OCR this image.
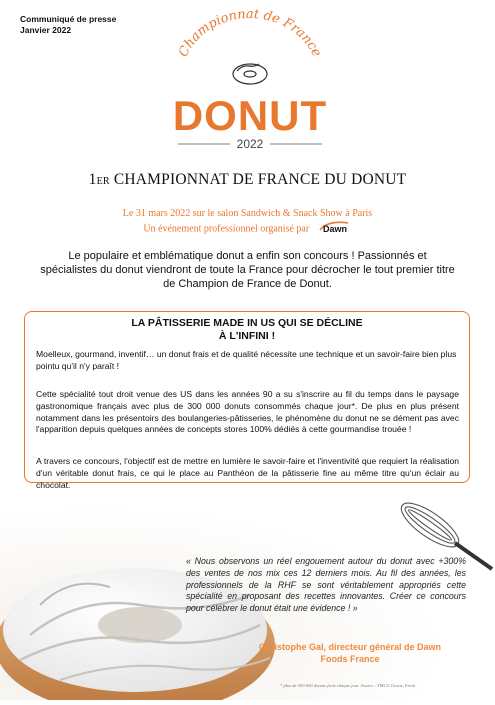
Communiqué de presse Janvier 2022
Championnat de France
DONUT
2022
1ER CHAMPIONNAT DE FRANCE DU DONUT
Le 31 mars 2022 sur le salon Sandwich & Snack Show à Paris
Un événement professionnel organisé par Dawn
Le populaire et emblématique donut a enfin son concours ! Passionnés et spécialistes du donut viendront de toute la France pour décrocher le tout premier titre de Champion de France de Donut.
LA PÂTISSERIE MADE IN US QUI SE DÉCLINE
À L'INFINI !
Moelleux, gourmand, inventif… un donut frais et de qualité nécessite une technique et un savoir-faire bien plus pointu qu'il n'y paraît !
Cette spécialité tout droit venue des US dans les années 90 a su s'inscrire au fil du temps dans le paysage gastronomique français avec plus de 300 000 donuts consommés chaque jour*. De plus en plus présent notamment dans les présentoirs des boulangeries-pâtisseries, le phénomène du donut ne se dément pas avec l'apparition depuis quelques années de concepts stores 100% dédiés à cette gourmandise trouée !
A travers ce concours, l'objectif est de mettre en lumière le savoir-faire et l'inventivité que requiert la réalisation d'un véritable donut frais, ce qui le place au Panthéon de la pâtisserie fine au même titre qu'un éclair au chocolat.
« Nous observons un réel engouement autour du donut avec +300% des ventes de nos mix ces 12 derniers mois. Au fil des années, les professionnels de la RHF se sont véritablement appropriés cette spécialité en proposant des recettes innovantes. Créer ce concours pour célébrer le donut était une évidence ! »
Christophe Gal, directeur général de Dawn
Foods France
* plus de 300 000 donuts frais chaque jour. Source : YMCG Gurus, Fresh
